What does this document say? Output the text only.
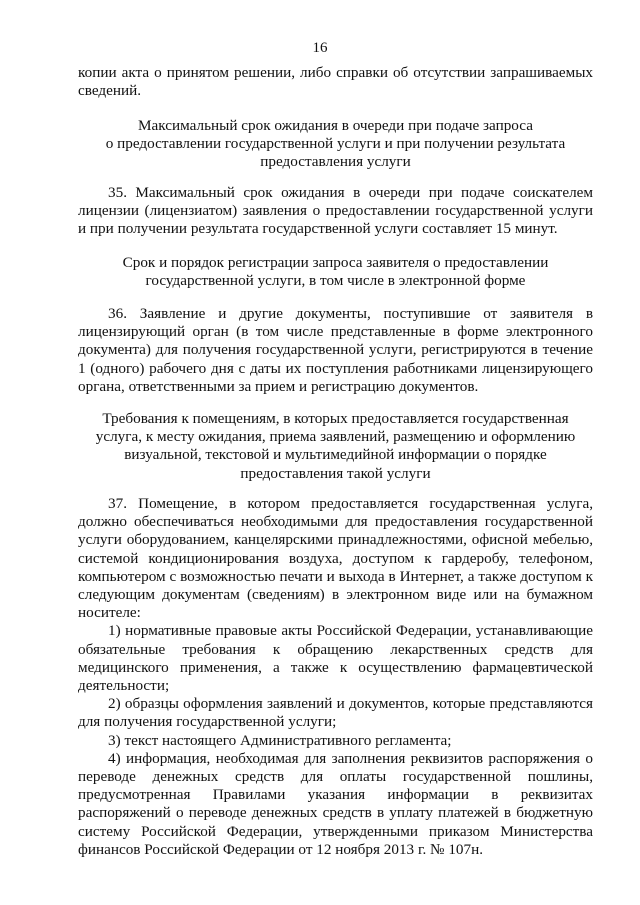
16
копии акта о принятом решении, либо справки об отсутствии запрашиваемых сведений.
Максимальный срок ожидания в очереди при подаче запроса
о предоставлении государственной услуги и при получении результата
предоставления услуги
35. Максимальный срок ожидания в очереди при подаче соискателем лицензии (лицензиатом) заявления о предоставлении государственной услуги и при получении результата государственной услуги составляет 15 минут.
Срок и порядок регистрации запроса заявителя о предоставлении
государственной услуги, в том числе в электронной форме
36. Заявление и другие документы, поступившие от заявителя в лицензирующий орган (в том числе представленные в форме электронного документа) для получения государственной услуги, регистрируются в течение 1 (одного) рабочего дня с даты их поступления работниками лицензирующего органа, ответственными за прием и регистрацию документов.
Требования к помещениям, в которых предоставляется государственная
услуга, к месту ожидания, приема заявлений, размещению и оформлению
визуальной, текстовой и мультимедийной информации о порядке
предоставления такой услуги
37. Помещение, в котором предоставляется государственная услуга, должно обеспечиваться необходимыми для предоставления государственной услуги оборудованием, канцелярскими принадлежностями, офисной мебелью, системой кондиционирования воздуха, доступом к гардеробу, телефоном, компьютером с возможностью печати и выхода в Интернет, а также доступом к следующим документам (сведениям) в электронном виде или на бумажном носителе:
1) нормативные правовые акты Российской Федерации, устанавливающие обязательные требования к обращению лекарственных средств для медицинского применения, а также к осуществлению фармацевтической деятельности;
2) образцы оформления заявлений и документов, которые представляются для получения государственной услуги;
3) текст настоящего Административного регламента;
4) информация, необходимая для заполнения реквизитов распоряжения о переводе денежных средств для оплаты государственной пошлины, предусмотренная Правилами указания информации в реквизитах распоряжений о переводе денежных средств в уплату платежей в бюджетную систему Российской Федерации, утвержденными приказом Министерства финансов Российской Федерации от 12 ноября 2013 г. № 107н.
